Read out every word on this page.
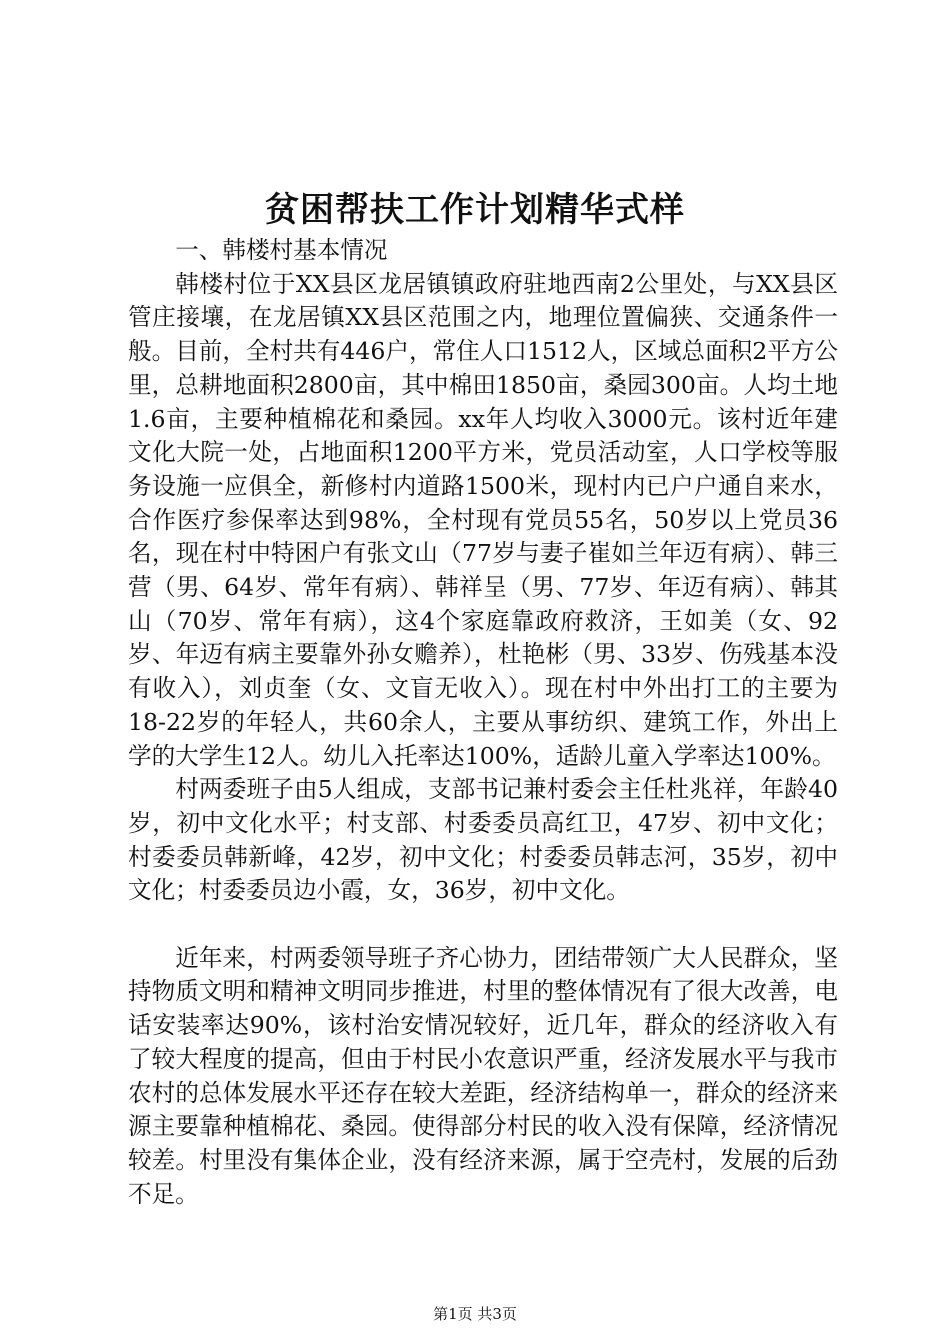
贫困帮扶工作计划精华式样

一、韩楼村基本情况

韩楼村位于XX县区龙居镇镇政府驻地西南2公里处，与XX县区管庄接壤，在龙居镇XX县区范围之内，地理位置偏狭、交通条件一般。目前，全村共有446户，常住人口1512人，区域总面积2平方公里，总耕地面积2800亩，其中棉田1850亩，桑园300亩。人均土地1.6亩，主要种植棉花和桑园。xx年人均收入3000元。该村近年建文化大院一处，占地面积1200平方米，党员活动室，人口学校等服务设施一应俱全，新修村内道路1500米，现村内已户户通自来水，合作医疗参保率达到98%，全村现有党员55名，50岁以上党员36名，现在村中特困户有张文山（77岁与妻子崔如兰年迈有病）、韩三营（男、64岁、常年有病）、韩祥呈（男、77岁、年迈有病）、韩其山（70岁、常年有病），这4个家庭靠政府救济，王如美（女、92岁、年迈有病主要靠外孙女赡养），杜艳彬（男、33岁、伤残基本没有收入），刘贞奎（女、文盲无收入）。现在村中外出打工的主要为18-22岁的年轻人，共60余人，主要从事纺织、建筑工作，外出上学的大学生12人。幼儿入托率达100%，适龄儿童入学率达100%。

村两委班子由5人组成，支部书记兼村委会主任杜兆祥，年龄40岁，初中文化水平；村支部、村委委员高红卫，47岁、初中文化；村委委员韩新峰，42岁，初中文化；村委委员韩志河，35岁，初中文化；村委委员边小霞，女，36岁，初中文化。

近年来，村两委领导班子齐心协力，团结带领广大人民群众，坚持物质文明和精神文明同步推进，村里的整体情况有了很大改善，电话安装率达90%，该村治安情况较好，近几年，群众的经济收入有了较大程度的提高，但由于村民小农意识严重，经济发展水平与我市农村的总体发展水平还存在较大差距，经济结构单一，群众的经济来源主要靠种植棉花、桑园。使得部分村民的收入没有保障，经济情况较差。村里没有集体企业，没有经济来源，属于空壳村，发展的后劲不足。

第1页 共3页
